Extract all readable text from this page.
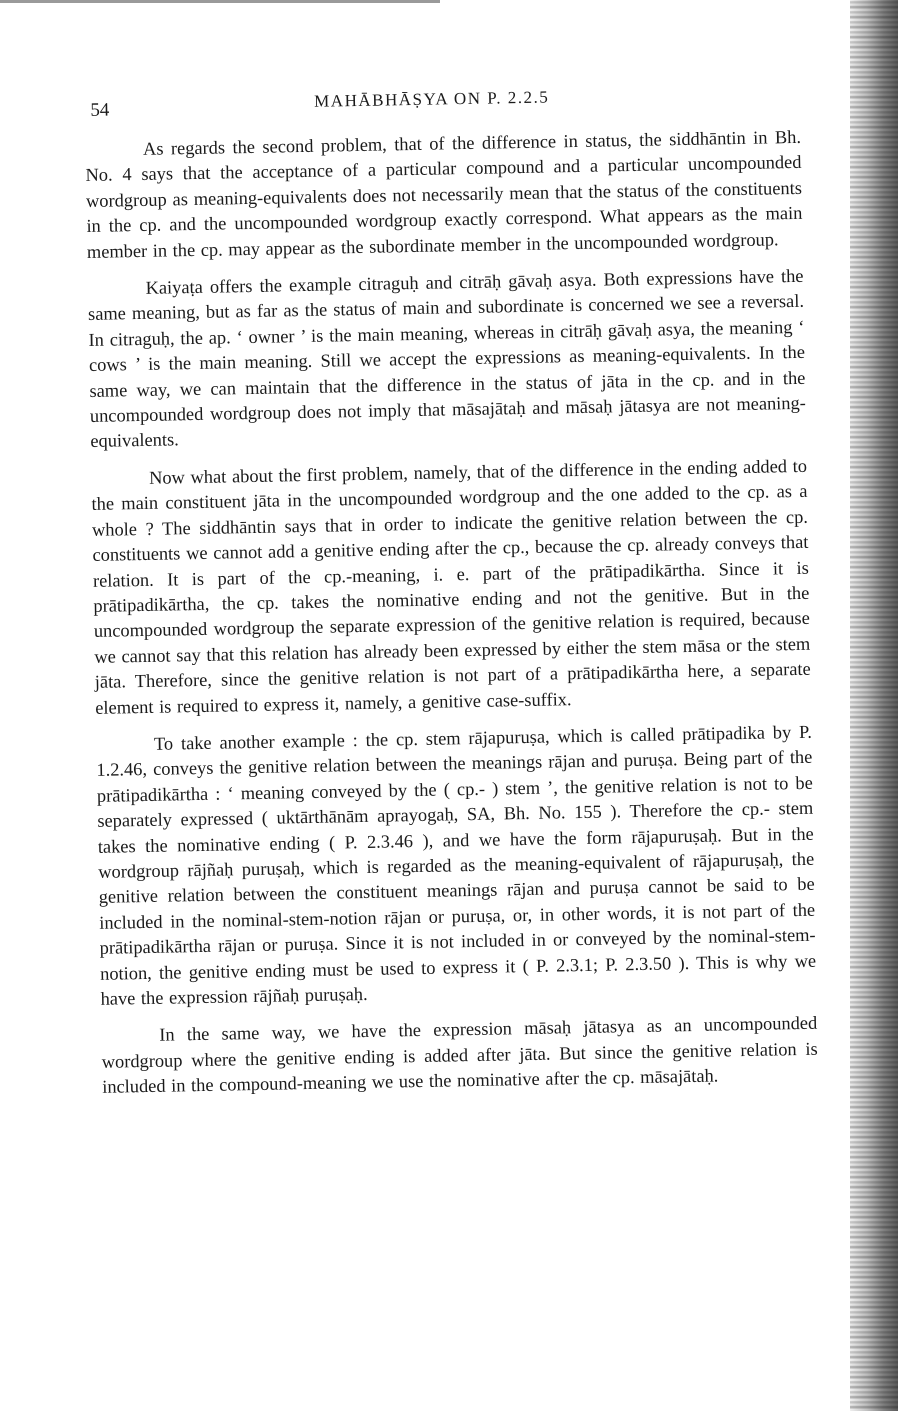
54	MAHĀBHĀṢYA ON P. 2.2.5

As regards the second problem, that of the difference in status, the siddhāntin in Bh. No. 4 says that the acceptance of a particular compound and a particular uncompounded wordgroup as meaning-equivalents does not necessarily mean that the status of the constituents in the cp. and the uncompounded wordgroup exactly correspond. What appears as the main member in the cp. may appear as the subordinate member in the uncompounded wordgroup.

Kaiyaṭa offers the example citraguḥ and citrāḥ gāvaḥ asya. Both expressions have the same meaning, but as far as the status of main and subordinate is concerned we see a reversal. In citraguḥ, the ap. ‘ owner ’ is the main meaning, whereas in citrāḥ gāvaḥ asya, the meaning ‘ cows ’ is the main meaning. Still we accept the expressions as meaning-equivalents. In the same way, we can maintain that the difference in the status of jāta in the cp. and in the uncompounded wordgroup does not imply that māsajātaḥ and māsaḥ jātasya are not meaning-equivalents.

Now what about the first problem, namely, that of the difference in the ending added to the main constituent jāta in the uncompounded wordgroup and the one added to the cp. as a whole ? The siddhāntin says that in order to indicate the genitive relation between the cp. constituents we cannot add a genitive ending after the cp., because the cp. already conveys that relation. It is part of the cp.-meaning, i. e. part of the prātipadikārtha. Since it is prātipadikārtha, the cp. takes the nominative ending and not the genitive. But in the uncompounded wordgroup the separate expression of the genitive relation is required, because we cannot say that this relation has already been expressed by either the stem māsa or the stem jāta. Therefore, since the genitive relation is not part of a prātipadikārtha here, a separate element is required to express it, namely, a genitive case-suffix.

To take another example : the cp. stem rājapuruṣa, which is called prātipadika by P. 1.2.46, conveys the genitive relation between the meanings rājan and puruṣa. Being part of the prātipadikārtha : ‘ meaning conveyed by the ( cp.- ) stem ’, the genitive relation is not to be separately expressed ( uktārthānām aprayogaḥ, SA, Bh. No. 155 ). Therefore the cp.- stem takes the nominative ending ( P. 2.3.46 ), and we have the form rājapuruṣaḥ. But in the wordgroup rājñaḥ puruṣaḥ, which is regarded as the meaning-equivalent of rājapuruṣaḥ, the genitive relation between the constituent meanings rājan and puruṣa cannot be said to be included in the nominal-stem-notion rājan or puruṣa, or, in other words, it is not part of the prātipadikārtha rājan or puruṣa. Since it is not included in or conveyed by the nominal-stem-notion, the genitive ending must be used to express it ( P. 2.3.1; P. 2.3.50 ). This is why we have the expression rājñaḥ puruṣaḥ.

In the same way, we have the expression māsaḥ jātasya as an uncompounded wordgroup where the genitive ending is added after jāta. But since the genitive relation is included in the compound-meaning we use the nominative after the cp. māsajātaḥ.
